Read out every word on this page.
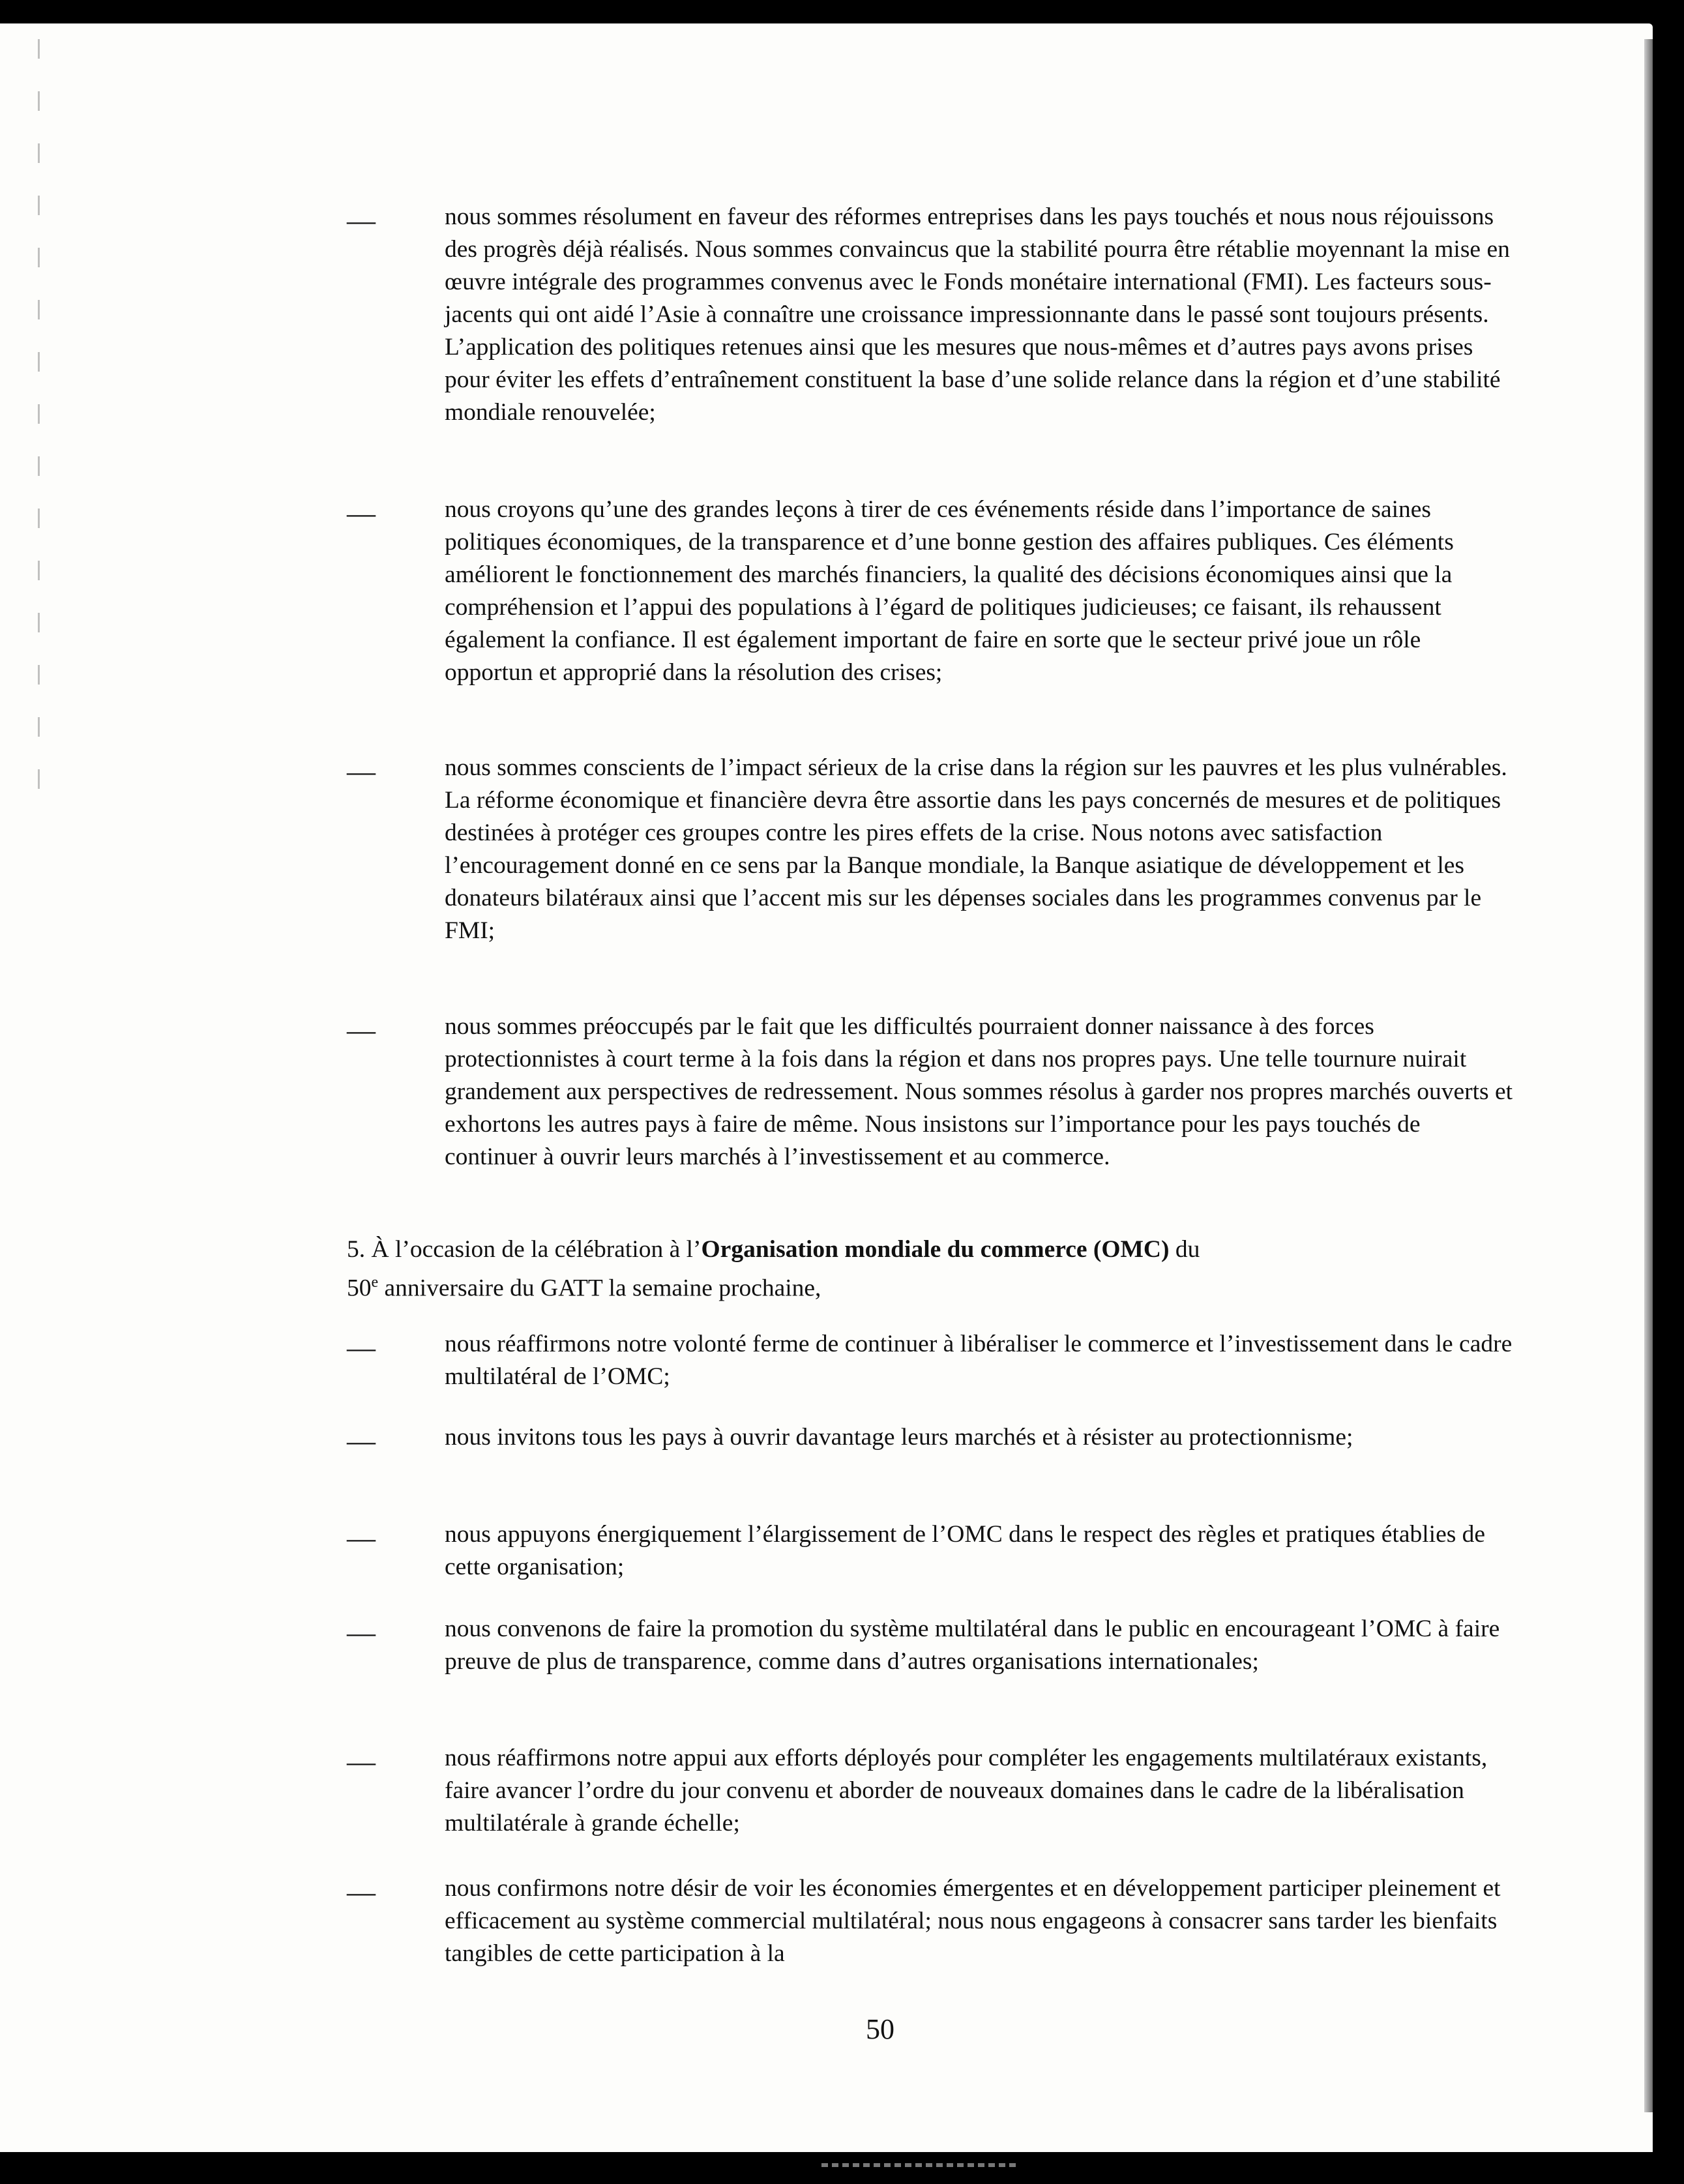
—	nous sommes résolument en faveur des réformes entreprises dans les pays touchés et nous nous réjouissons des progrès déjà réalisés. Nous sommes convaincus que la stabilité pourra être rétablie moyennant la mise en œuvre intégrale des programmes convenus avec le Fonds monétaire international (FMI). Les facteurs sous-jacents qui ont aidé l’Asie à connaître une croissance impressionnante dans le passé sont toujours présents. L’application des politiques retenues ainsi que les mesures que nous-mêmes et d’autres pays avons prises pour éviter les effets d’entraînement constituent la base d’une solide relance dans la région et d’une stabilité mondiale renouvelée;

—	nous croyons qu’une des grandes leçons à tirer de ces événements réside dans l’importance de saines politiques économiques, de la transparence et d’une bonne gestion des affaires publiques. Ces éléments améliorent le fonctionnement des marchés financiers, la qualité des décisions économiques ainsi que la compréhension et l’appui des populations à l’égard de politiques judicieuses; ce faisant, ils rehaussent également la confiance. Il est également important de faire en sorte que le secteur privé joue un rôle opportun et approprié dans la résolution des crises;

—	nous sommes conscients de l’impact sérieux de la crise dans la région sur les pauvres et les plus vulnérables. La réforme économique et financière devra être assortie dans les pays concernés de mesures et de politiques destinées à protéger ces groupes contre les pires effets de la crise. Nous notons avec satisfaction l’encouragement donné en ce sens par la Banque mondiale, la Banque asiatique de développement et les donateurs bilatéraux ainsi que l’accent mis sur les dépenses sociales dans les programmes convenus par le FMI;

—	nous sommes préoccupés par le fait que les difficultés pourraient donner naissance à des forces protectionnistes à court terme à la fois dans la région et dans nos propres pays. Une telle tournure nuirait grandement aux perspectives de redressement. Nous sommes résolus à garder nos propres marchés ouverts et exhortons les autres pays à faire de même. Nous insistons sur l’importance pour les pays touchés de continuer à ouvrir leurs marchés à l’investissement et au commerce.

5. À l’occasion de la célébration à l’Organisation mondiale du commerce (OMC) du
50e anniversaire du GATT la semaine prochaine,

—	nous réaffirmons notre volonté ferme de continuer à libéraliser le commerce et l’investissement dans le cadre multilatéral de l’OMC;

—	nous invitons tous les pays à ouvrir davantage leurs marchés et à résister au protectionnisme;

—	nous appuyons énergiquement l’élargissement de l’OMC dans le respect des règles et pratiques établies de cette organisation;

—	nous convenons de faire la promotion du système multilatéral dans le public en encourageant l’OMC à faire preuve de plus de transparence, comme dans d’autres organisations internationales;

—	nous réaffirmons notre appui aux efforts déployés pour compléter les engagements multilatéraux existants, faire avancer l’ordre du jour convenu et aborder de nouveaux domaines dans le cadre de la libéralisation multilatérale à grande échelle;

—	nous confirmons notre désir de voir les économies émergentes et en développement participer pleinement et efficacement au système commercial multilatéral; nous nous engageons à consacrer sans tarder les bienfaits tangibles de cette participation à la

50
